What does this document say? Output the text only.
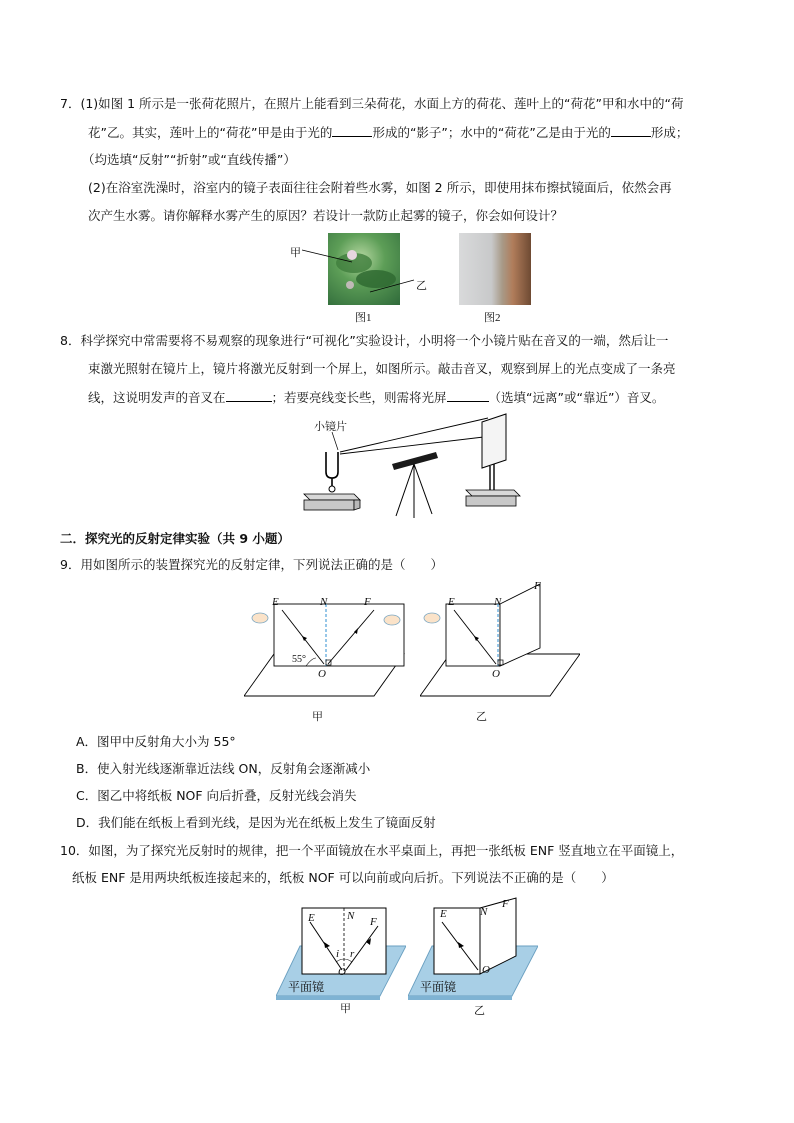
7．(1)如图 1 所示是一张荷花照片，在照片上能看到三朵荷花，水面上方的荷花、莲叶上的“荷花”甲和水中的“荷
花”乙。其实，莲叶上的“荷花”甲是由于光的	形成的“影子”；水中的“荷花”乙是由于光的	形成；
（均选填“反射”“折射”或“直线传播”）
(2)在浴室洗澡时，浴室内的镜子表面往往会附着些水雾，如图 2 所示，即使用抹布擦拭镜面后，依然会再
次产生水雾。请你解释水雾产生的原因？若设计一款防止起雾的镜子，你会如何设计？
甲
乙
图1	图2
8．科学探究中常需要将不易观察的现象进行“可视化”实验设计，小明将一个小镜片贴在音叉的一端，然后让一
束激光照射在镜片上，镜片将激光反射到一个屏上，如图所示。敲击音叉，观察到屏上的光点变成了一条亮
线，这说明发声的音叉在	；若要亮线变长些，则需将光屏	（选填“远离”或“靠近”）音叉。
小镜片
二．探究光的反射定律实验（共 9 小题）
9．用如图所示的装置探究光的反射定律，下列说法正确的是（　　）
E	N	F
O
55°
甲
E	N
F
O
乙
A．图甲中反射角大小为 55°
B．使入射光线逐渐靠近法线 ON，反射角会逐渐减小
C．图乙中将纸板 NOF 向后折叠，反射光线会消失
D．我们能在纸板上看到光线，是因为光在纸板上发生了镜面反射
10．如图，为了探究光反射时的规律，把一个平面镜放在水平桌面上，再把一张纸板 ENF 竖直地立在平面镜上，
纸板 ENF 是用两块纸板连接起来的，纸板 NOF 可以向前或向后折。下列说法不正确的是（　　）
E	N F
i r
O
平面镜
甲
E	N
F
O
平面镜
乙
